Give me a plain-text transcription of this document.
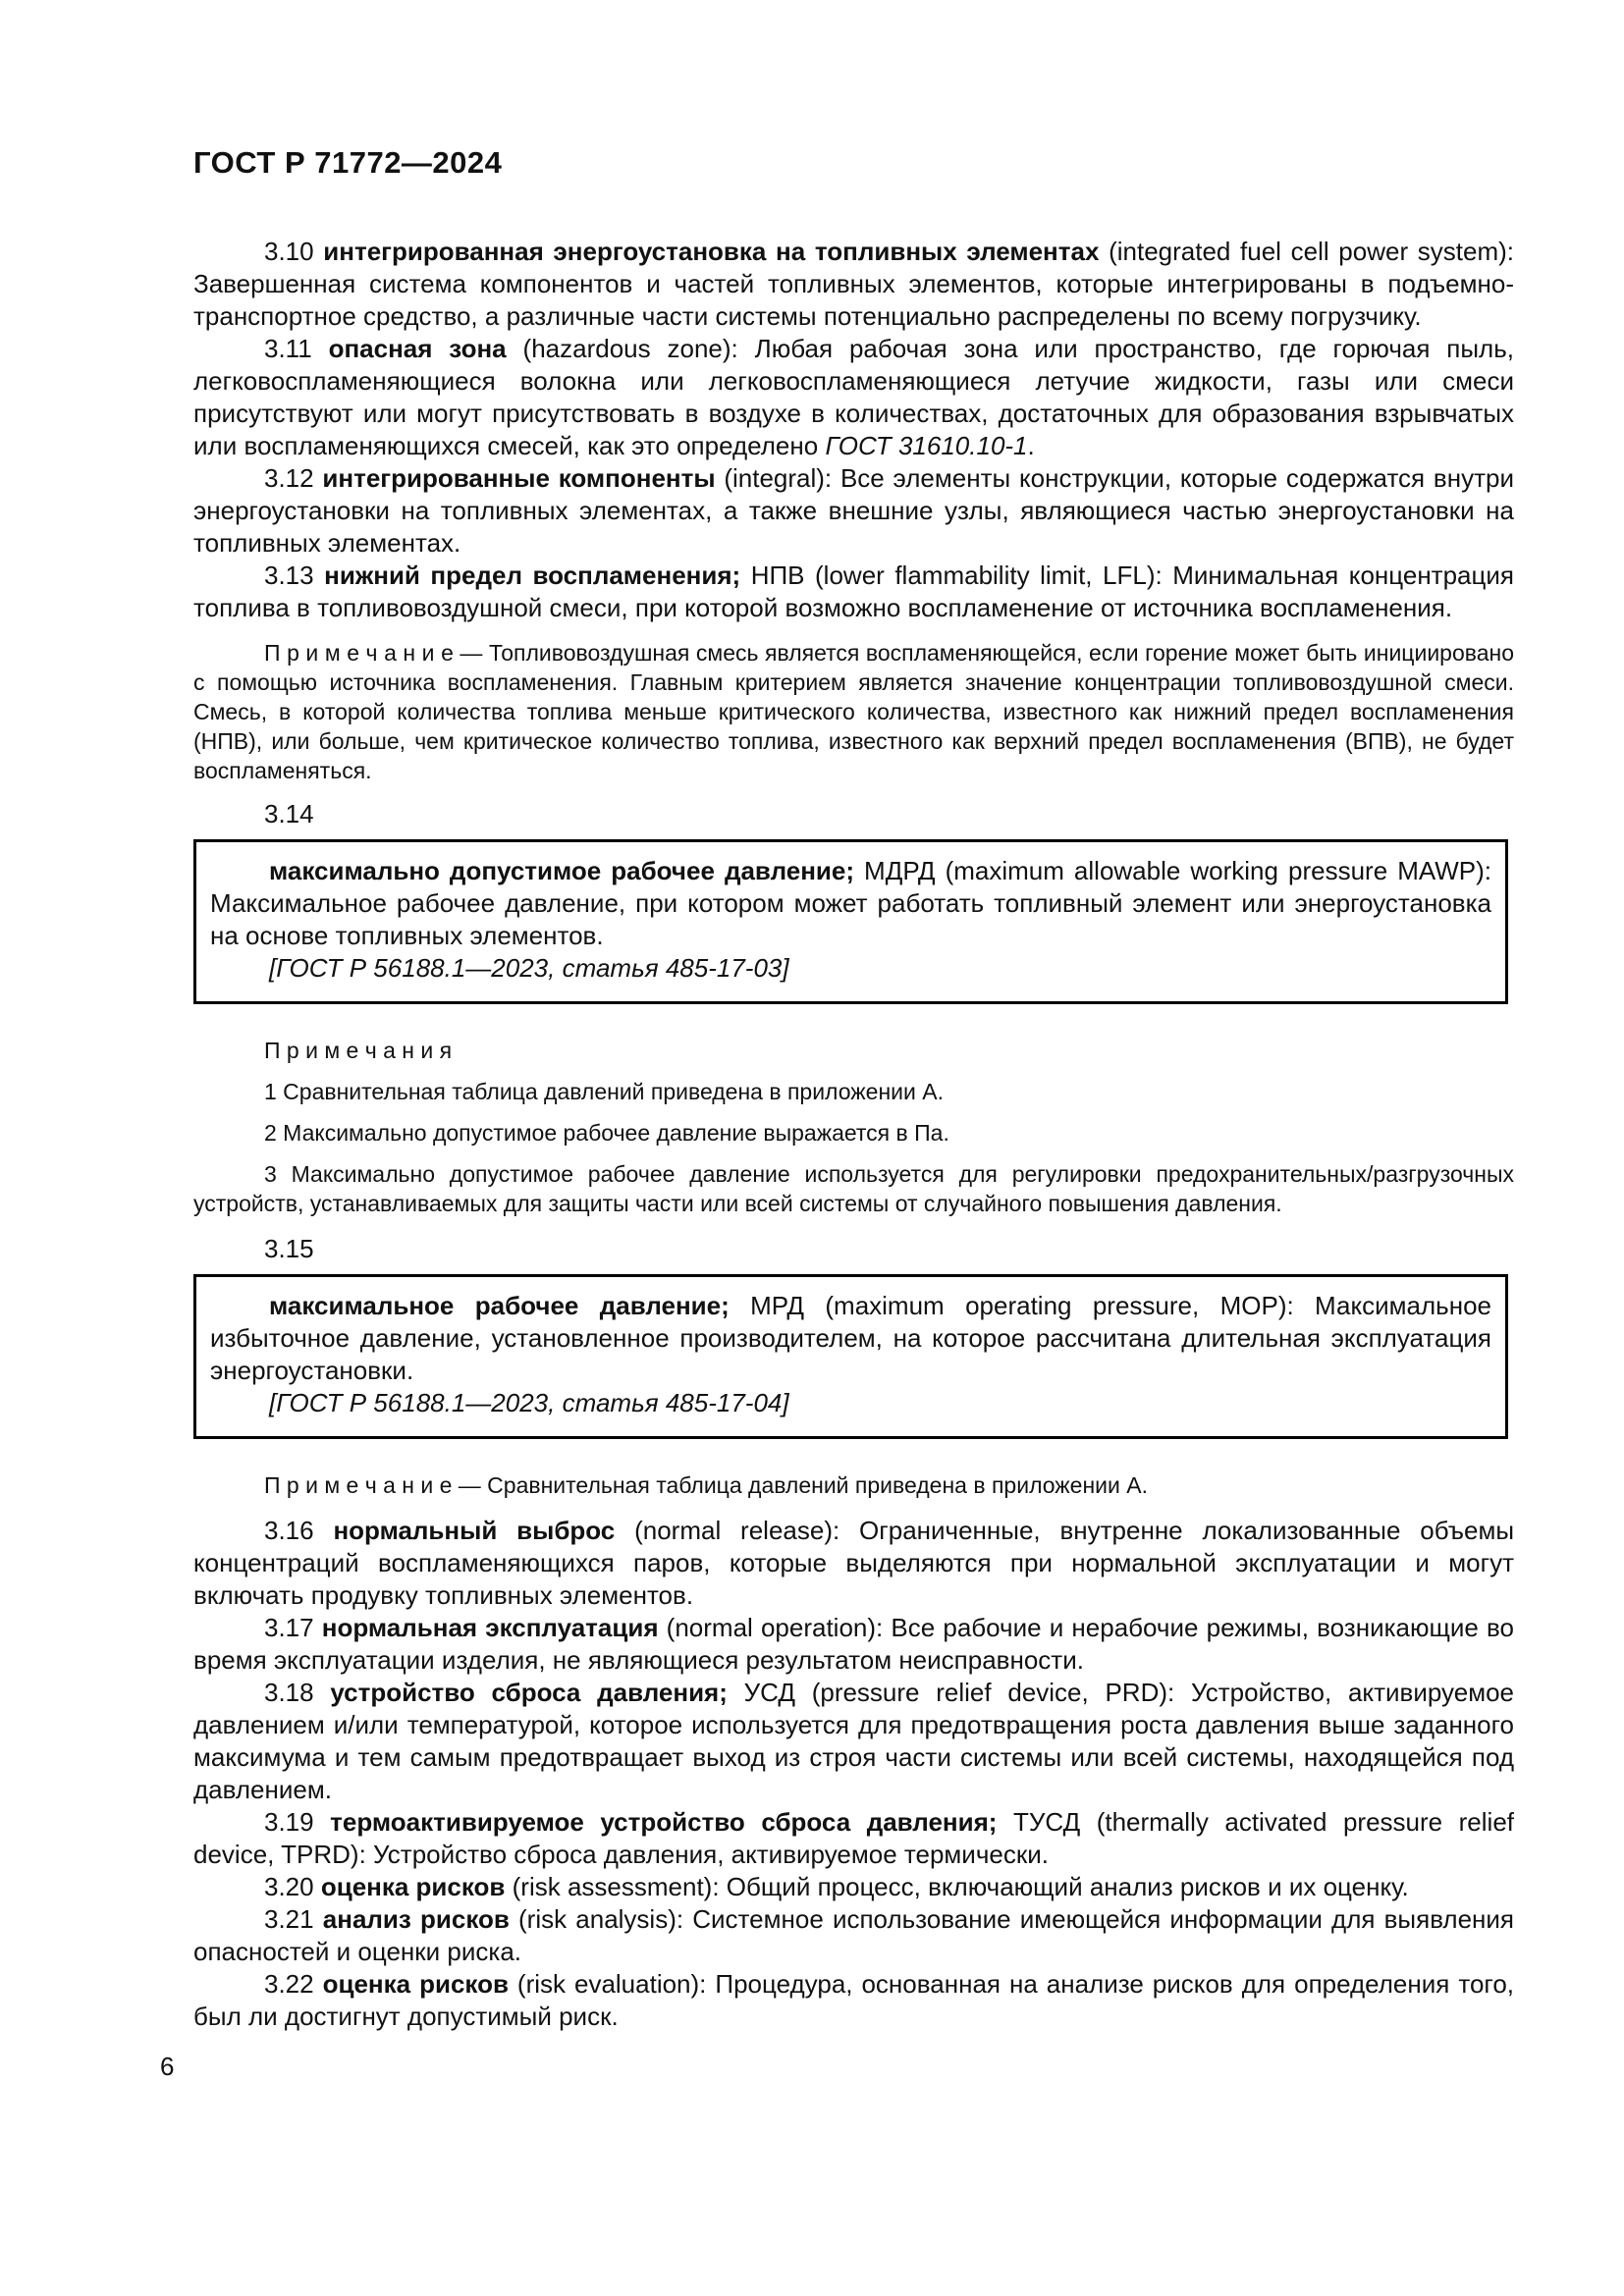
ГОСТ Р 71772—2024

3.10 интегрированная энергоустановка на топливных элементах (integrated fuel cell power system): Завершенная система компонентов и частей топливных элементов, которые интегрированы в подъемно-транспортное средство, а различные части системы потенциально распределены по всему погрузчику.

3.11 опасная зона (hazardous zone): Любая рабочая зона или пространство, где горючая пыль, легковоспламеняющиеся волокна или легковоспламеняющиеся летучие жидкости, газы или смеси присутствуют или могут присутствовать в воздухе в количествах, достаточных для образования взрывчатых или воспламеняющихся смесей, как это определено ГОСТ 31610.10-1.

3.12 интегрированные компоненты (integral): Все элементы конструкции, которые содержатся внутри энергоустановки на топливных элементах, а также внешние узлы, являющиеся частью энергоустановки на топливных элементах.

3.13 нижний предел воспламенения; НПВ (lower flammability limit, LFL): Минимальная концентрация топлива в топливовоздушной смеси, при которой возможно воспламенение от источника воспламенения.

П р и м е ч а н и е — Топливовоздушная смесь является воспламеняющейся, если горение может быть инициировано с помощью источника воспламенения. Главным критерием является значение концентрации топливовоздушной смеси. Смесь, в которой количества топлива меньше критического количества, известного как нижний предел воспламенения (НПВ), или больше, чем критическое количество топлива, известного как верхний предел воспламенения (ВПВ), не будет воспламеняться.

3.14

максимально допустимое рабочее давление; МДРД (maximum allowable working pressure MAWP): Максимальное рабочее давление, при котором может работать топливный элемент или энергоустановка на основе топливных элементов.

[ГОСТ Р 56188.1—2023, статья 485-17-03]

П р и м е ч а н и я

1 Сравнительная таблица давлений приведена в приложении А.

2 Максимально допустимое рабочее давление выражается в Па.

3 Максимально допустимое рабочее давление используется для регулировки предохранительных/разгрузочных устройств, устанавливаемых для защиты части или всей системы от случайного повышения давления.

3.15

максимальное рабочее давление; МРД (maximum operating pressure, MOP): Максимальное избыточное давление, установленное производителем, на которое рассчитана длительная эксплуатация энергоустановки.

[ГОСТ Р 56188.1—2023, статья 485-17-04]

П р и м е ч а н и е — Сравнительная таблица давлений приведена в приложении А.

3.16 нормальный выброс (normal release): Ограниченные, внутренне локализованные объемы концентраций воспламеняющихся паров, которые выделяются при нормальной эксплуатации и могут включать продувку топливных элементов.

3.17 нормальная эксплуатация (normal operation): Все рабочие и нерабочие режимы, возникающие во время эксплуатации изделия, не являющиеся результатом неисправности.

3.18 устройство сброса давления; УСД (pressure relief device, PRD): Устройство, активируемое давлением и/или температурой, которое используется для предотвращения роста давления выше заданного максимума и тем самым предотвращает выход из строя части системы или всей системы, находящейся под давлением.

3.19 термоактивируемое устройство сброса давления; ТУСД (thermally activated pressure relief device, TPRD): Устройство сброса давления, активируемое термически.

3.20 оценка рисков (risk assessment): Общий процесс, включающий анализ рисков и их оценку.

3.21 анализ рисков (risk analysis): Системное использование имеющейся информации для выявления опасностей и оценки риска.

3.22 оценка рисков (risk evaluation): Процедура, основанная на анализе рисков для определения того, был ли достигнут допустимый риск.

6
